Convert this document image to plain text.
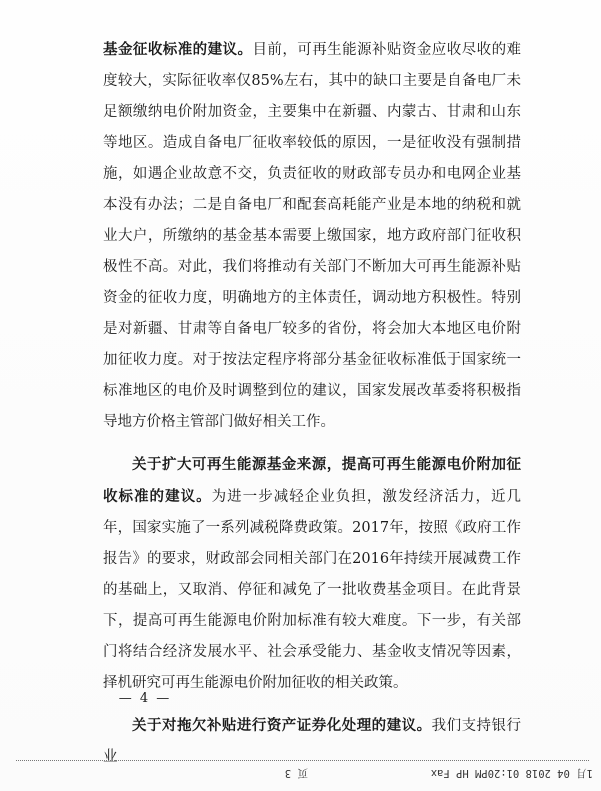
基金征收标准的建议。目前，可再生能源补贴资金应收尽收的难度较大，实际征收率仅85%左右，其中的缺口主要是自备电厂未足额缴纳电价附加资金，主要集中在新疆、内蒙古、甘肃和山东等地区。造成自备电厂征收率较低的原因，一是征收没有强制措施，如遇企业故意不交，负责征收的财政部专员办和电网企业基本没有办法；二是自备电厂和配套高耗能产业是本地的纳税和就业大户，所缴纳的基金基本需要上缴国家，地方政府部门征收积极性不高。对此，我们将推动有关部门不断加大可再生能源补贴资金的征收力度，明确地方的主体责任，调动地方积极性。特别是对新疆、甘肃等自备电厂较多的省份，将会加大本地区电价附加征收力度。对于按法定程序将部分基金征收标准低于国家统一标准地区的电价及时调整到位的建议，国家发展改革委将积极指导地方价格主管部门做好相关工作。

关于扩大可再生能源基金来源，提高可再生能源电价附加征收标准的建议。为进一步减轻企业负担，激发经济活力，近几年，国家实施了一系列减税降费政策。2017年，按照《政府工作报告》的要求，财政部会同相关部门在2016年持续开展减费工作的基础上，又取消、停征和减免了一批收费基金项目。在此背景下，提高可再生能源电价附加标准有较大难度。下一步，有关部门将结合经济发展水平、社会承受能力、基金收支情况等因素，择机研究可再生能源电价附加征收的相关政策。

关于对拖欠补贴进行资产证券化处理的建议。我们支持银行业

— 4 —
1月 04 2018 01:20PM HP Fax
页 3
